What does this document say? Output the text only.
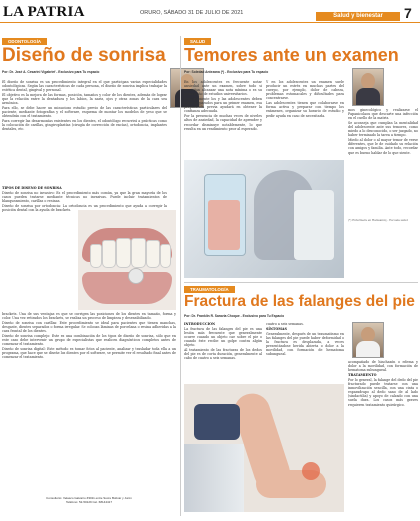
LA PATRIA	ORURO, SÁBADO 31 DE JULIO DE 2021	Salud y bienestar	7
ODONTOLOGÍA
Diseño de sonrisa
Por: Dr. José A. Cesarini Vigabrief - Exclusivo para Tu espacio

El diseño de sonrisa es un procedimiento integral en el que participan varias especialidades odontológicas. Según las características de cada persona, el diseño de sonrisa implica trabajar la estética dental, gingival y personal.

El objetivo es la mejora de las formas, posición, tamaños y color de los dientes, además de lograr que la relación entre la dentadura y los labios, la nariz, ojos y otras zonas de la cara sea armónica.

Para ello, se debe hacer un minucioso estudio previo de las características particulares del paciente, mediante fotografías y el software, esquema de montar los modelos de yeso que se obtendrán con el tratamiento.

Para corregir las desarmonías existentes en los dientes, el odontólogo recurrirá a prácticas como la colocación de carillas, gingivoplastías (cirugía de corrección de encías), ortodoncia, implantes dentales, etc.

TIPOS DE DISEÑO DE SONRISA

Diseño de sonrisa no invasivo: Es el procedimiento más común, ya que la gran mayoría de los casos pueden tratarse mediante técnicas no invasivas. Puede incluir tratamientos de blanqueamiento, carillas o resinas.

Diseño de sonrisa por ortodoncia: La ortodoncia es un procedimiento que ayuda a corregir la posición dental con la ayuda de brackets.

brackets. Una de sus ventajas es que se corrigen las posiciones de los dientes en tamaño, forma y color. Una vez retirados los brackets, se realiza un proceso de limpieza y desensibilizado.

Diseño de sonrisa con carillas: Este procedimiento se ideal para pacientes que tienen manchas, desgaste, dientes separados o forma irregular. Se colocan láminas de porcelana o resina adheridas a la cara frontal de los dientes.

Diseño de sonrisa complejo: Este es una combinación de los tipos de diseño de sonrisa, sólo que en este caso debe intervenir un grupo de especialistas que realicen diagnósticos completos antes de comenzar el tratamiento.

Diseño de sonrisa digital: Este método es tomar fotos al paciente, analizar y trasladar toda ella a un programa, que hace que se diseñe los dientes por el software, se permite ver el resultado final antes de comenzar el tratamiento.

Consultorio: Velasco Galvarro #3011 entre Sucre Bolívar y Junín
Teléfono: 52-50129 Cel. 68144417
SALUD
Temores ante un examen
Por: Soledad Antezana (*) - Exclusivo para Tu espacio

En los adolescentes es frecuente notar ansiedad ante un examen, sobre todo si necesitan alcanzar una nota mínima o es su primer año de estudios universitarios.

Principalmente los y las adolescentes deben estar preparados para un primer examen, esa preparación previa ayudará en obtener la confianza adecuada.

Por la presencia de muchas veces de niveles altos de ansiedad, la capacidad de aprender y recordar disminuye notablemente, lo que resulta en un rendimiento peor al esperado.

Y en los adolescentes un examen suele producir un estrés en muchas partes del cuerpo, por ejemplo, dolor de cabeza, problemas estomacales y dificultades para concentrarse.

Las adolescentes tienen que colaborarse en forma activa y preparar con tiempo los exámenes, organizar su horario de estudio y pedir ayuda en caso de necesitarla.

mos ginecológico y realizarse el Papanicolaou que descarte una infección en el cuello de la matriz.

Se aconseja que cumplan la mentalidad del adolescente ante sus temores, como miedo a lo desconocido, o ser juzgado, no haber terminado la tarea a tiempo.

Miedo al dolor o al mayor temor de verse diferentes, que le de cuidado su relación con amigos y familia. Ante todo, recordar que es bueno hablar de lo que siente.

(*) Enfermera en Hamsamiq - Escuela salud
TRAUMATOLOGÍA
Fractura de las falanges del pie
Por: Dr. Franklin R. Saravia Choque - Exclusivo para Tu Espacio

INTRODUCCIÓN

La fractura de las falanges del pie es una lesión más frecuente que generalmente ocurre cuando un objeto cae sobre el pie o cuando éste recibe un golpe contra algún objeto.

Al tratamiento de las fracturas de los dedos del pie es de corta duración, generalmente al cabo de cuatro a seis semanas.

cuatro a seis semanas.

SÍNTOMAS

Generalmente, después de un traumatismo en las falanges del pie puede haber deformidad o la fractura es desplazada, a veces presentándose herida abierta o dolor a la movilidad, con formación de hematoma subungueal.

acompañado de hinchazón o edema y dolor a la movilidad, con formación de hematoma subungueal.

TRATAMIENTO

Por lo general, la falange del dedo del pie fracturado puede tratarse con una inmovilización sencilla, con una cinta o esparadrapo al dedo sano de al lado (sindactilia) y apoyo de calzado con una suela dura. Los casos más graves requieren tratamiento quirúrgico.
